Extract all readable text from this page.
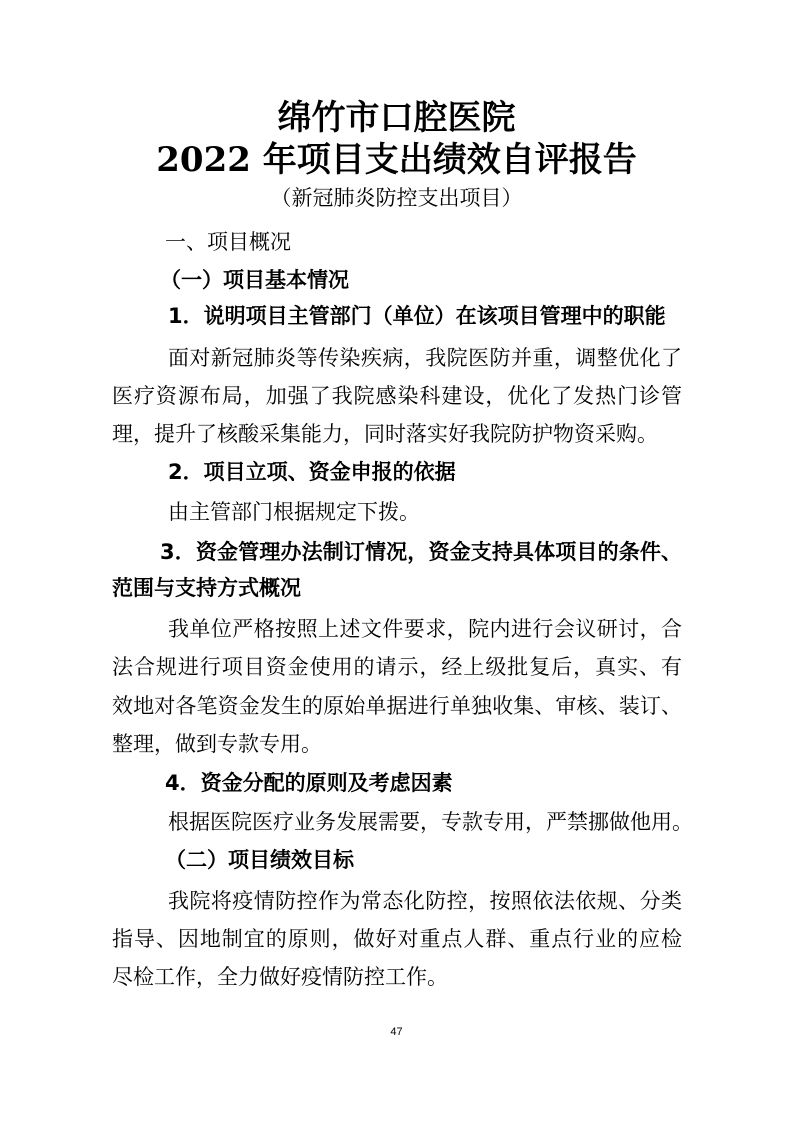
绵竹市口腔医院
2022 年项目支出绩效自评报告
（新冠肺炎防控支出项目）
一、项目概况
（一）项目基本情况
1．说明项目主管部门（单位）在该项目管理中的职能
面对新冠肺炎等传染疾病，我院医防并重，调整优化了
医疗资源布局，加强了我院感染科建设，优化了发热门诊管
理，提升了核酸采集能力，同时落实好我院防护物资采购。
2．项目立项、资金申报的依据
由主管部门根据规定下拨。
3．资金管理办法制订情况，资金支持具体项目的条件、
范围与支持方式概况
我单位严格按照上述文件要求，院内进行会议研讨，合
法合规进行项目资金使用的请示，经上级批复后，真实、有
效地对各笔资金发生的原始单据进行单独收集、审核、装订、
整理，做到专款专用。
4．资金分配的原则及考虑因素
根据医院医疗业务发展需要，专款专用，严禁挪做他用。
（二）项目绩效目标
我院将疫情防控作为常态化防控，按照依法依规、分类
指导、因地制宜的原则，做好对重点人群、重点行业的应检
尽检工作，全力做好疫情防控工作。
47
